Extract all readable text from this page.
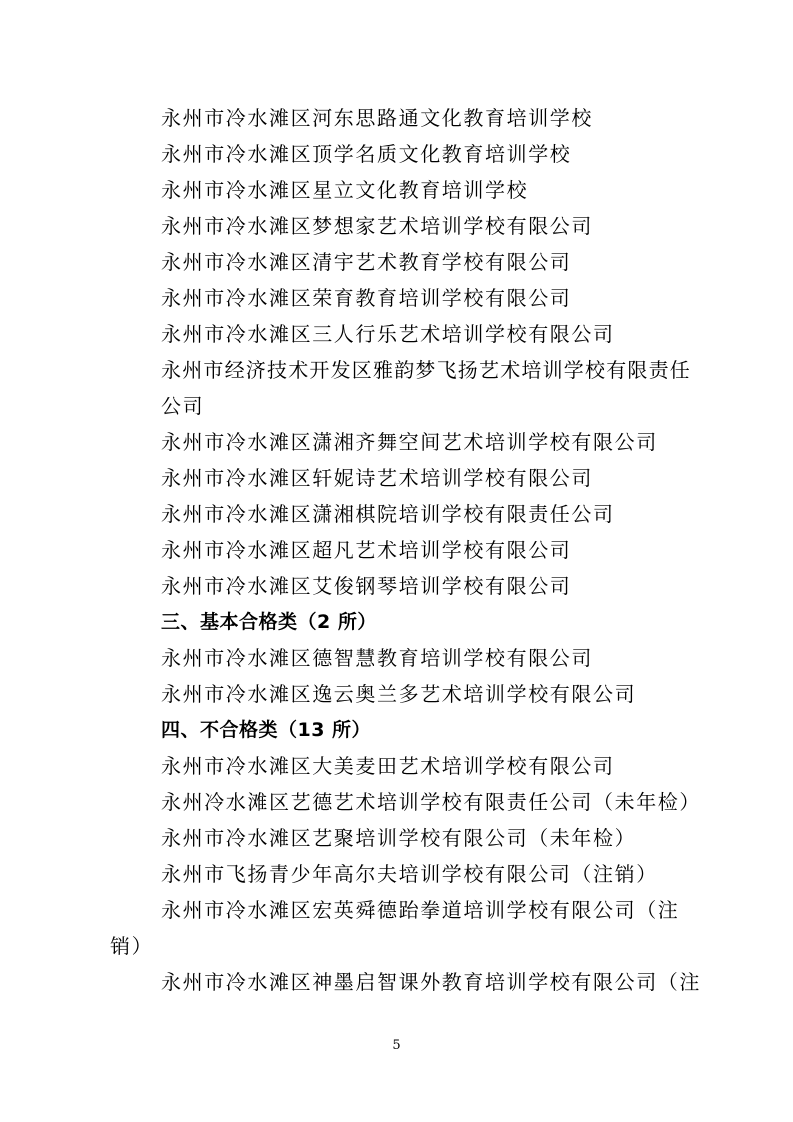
永州市冷水滩区河东思路通文化教育培训学校
永州市冷水滩区顶学名质文化教育培训学校
永州市冷水滩区星立文化教育培训学校
永州市冷水滩区梦想家艺术培训学校有限公司
永州市冷水滩区清宇艺术教育学校有限公司
永州市冷水滩区荣育教育培训学校有限公司
永州市冷水滩区三人行乐艺术培训学校有限公司
永州市经济技术开发区雅韵梦飞扬艺术培训学校有限责任
公司
永州市冷水滩区潇湘齐舞空间艺术培训学校有限公司
永州市冷水滩区轩妮诗艺术培训学校有限公司
永州市冷水滩区潇湘棋院培训学校有限责任公司
永州市冷水滩区超凡艺术培训学校有限公司
永州市冷水滩区艾俊钢琴培训学校有限公司
三、基本合格类（2 所）
永州市冷水滩区德智慧教育培训学校有限公司
永州市冷水滩区逸云奥兰多艺术培训学校有限公司
四、不合格类（13 所）
永州市冷水滩区大美麦田艺术培训学校有限公司
永州冷水滩区艺德艺术培训学校有限责任公司（未年检）
永州市冷水滩区艺聚培训学校有限公司（未年检）
永州市飞扬青少年高尔夫培训学校有限公司（注销）
永州市冷水滩区宏英舜德跆拳道培训学校有限公司（注
销）
永州市冷水滩区神墨启智课外教育培训学校有限公司（注
5
